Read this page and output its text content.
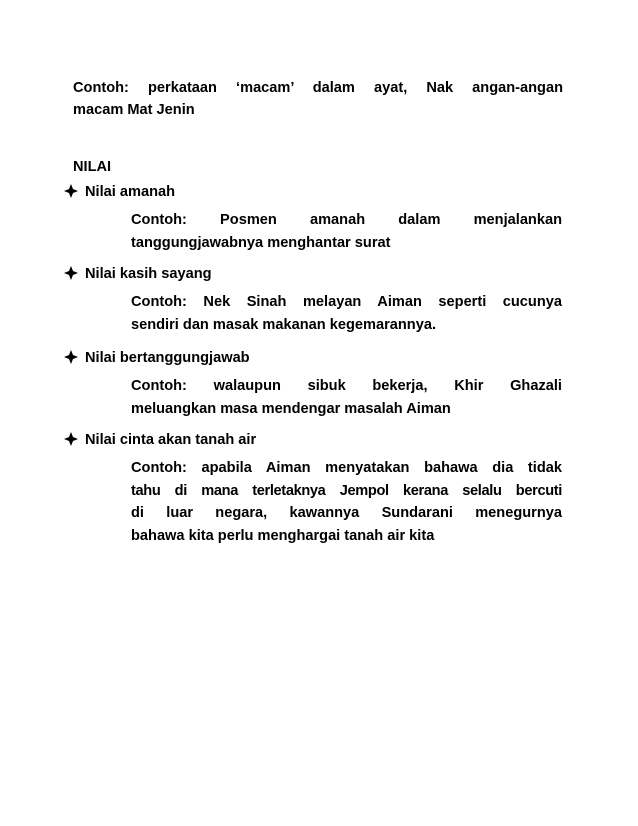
Contoh: perkataan ‘macam’ dalam ayat, Nak angan-angan
macam Mat Jenin
NILAI
Nilai amanah
Contoh: Posmen amanah dalam menjalankan
tanggungjawabnya menghantar surat
Nilai kasih sayang
Contoh: Nek Sinah melayan Aiman seperti cucunya
sendiri dan masak makanan kegemarannya.
Nilai bertanggungjawab
Contoh: walaupun sibuk bekerja, Khir Ghazali
meluangkan masa mendengar masalah Aiman
Nilai cinta akan tanah air
Contoh: apabila Aiman menyatakan bahawa dia tidak
tahu di mana terletaknya Jempol kerana selalu bercuti
di luar negara, kawannya Sundarani menegurnya
bahawa kita perlu menghargai tanah air kita
